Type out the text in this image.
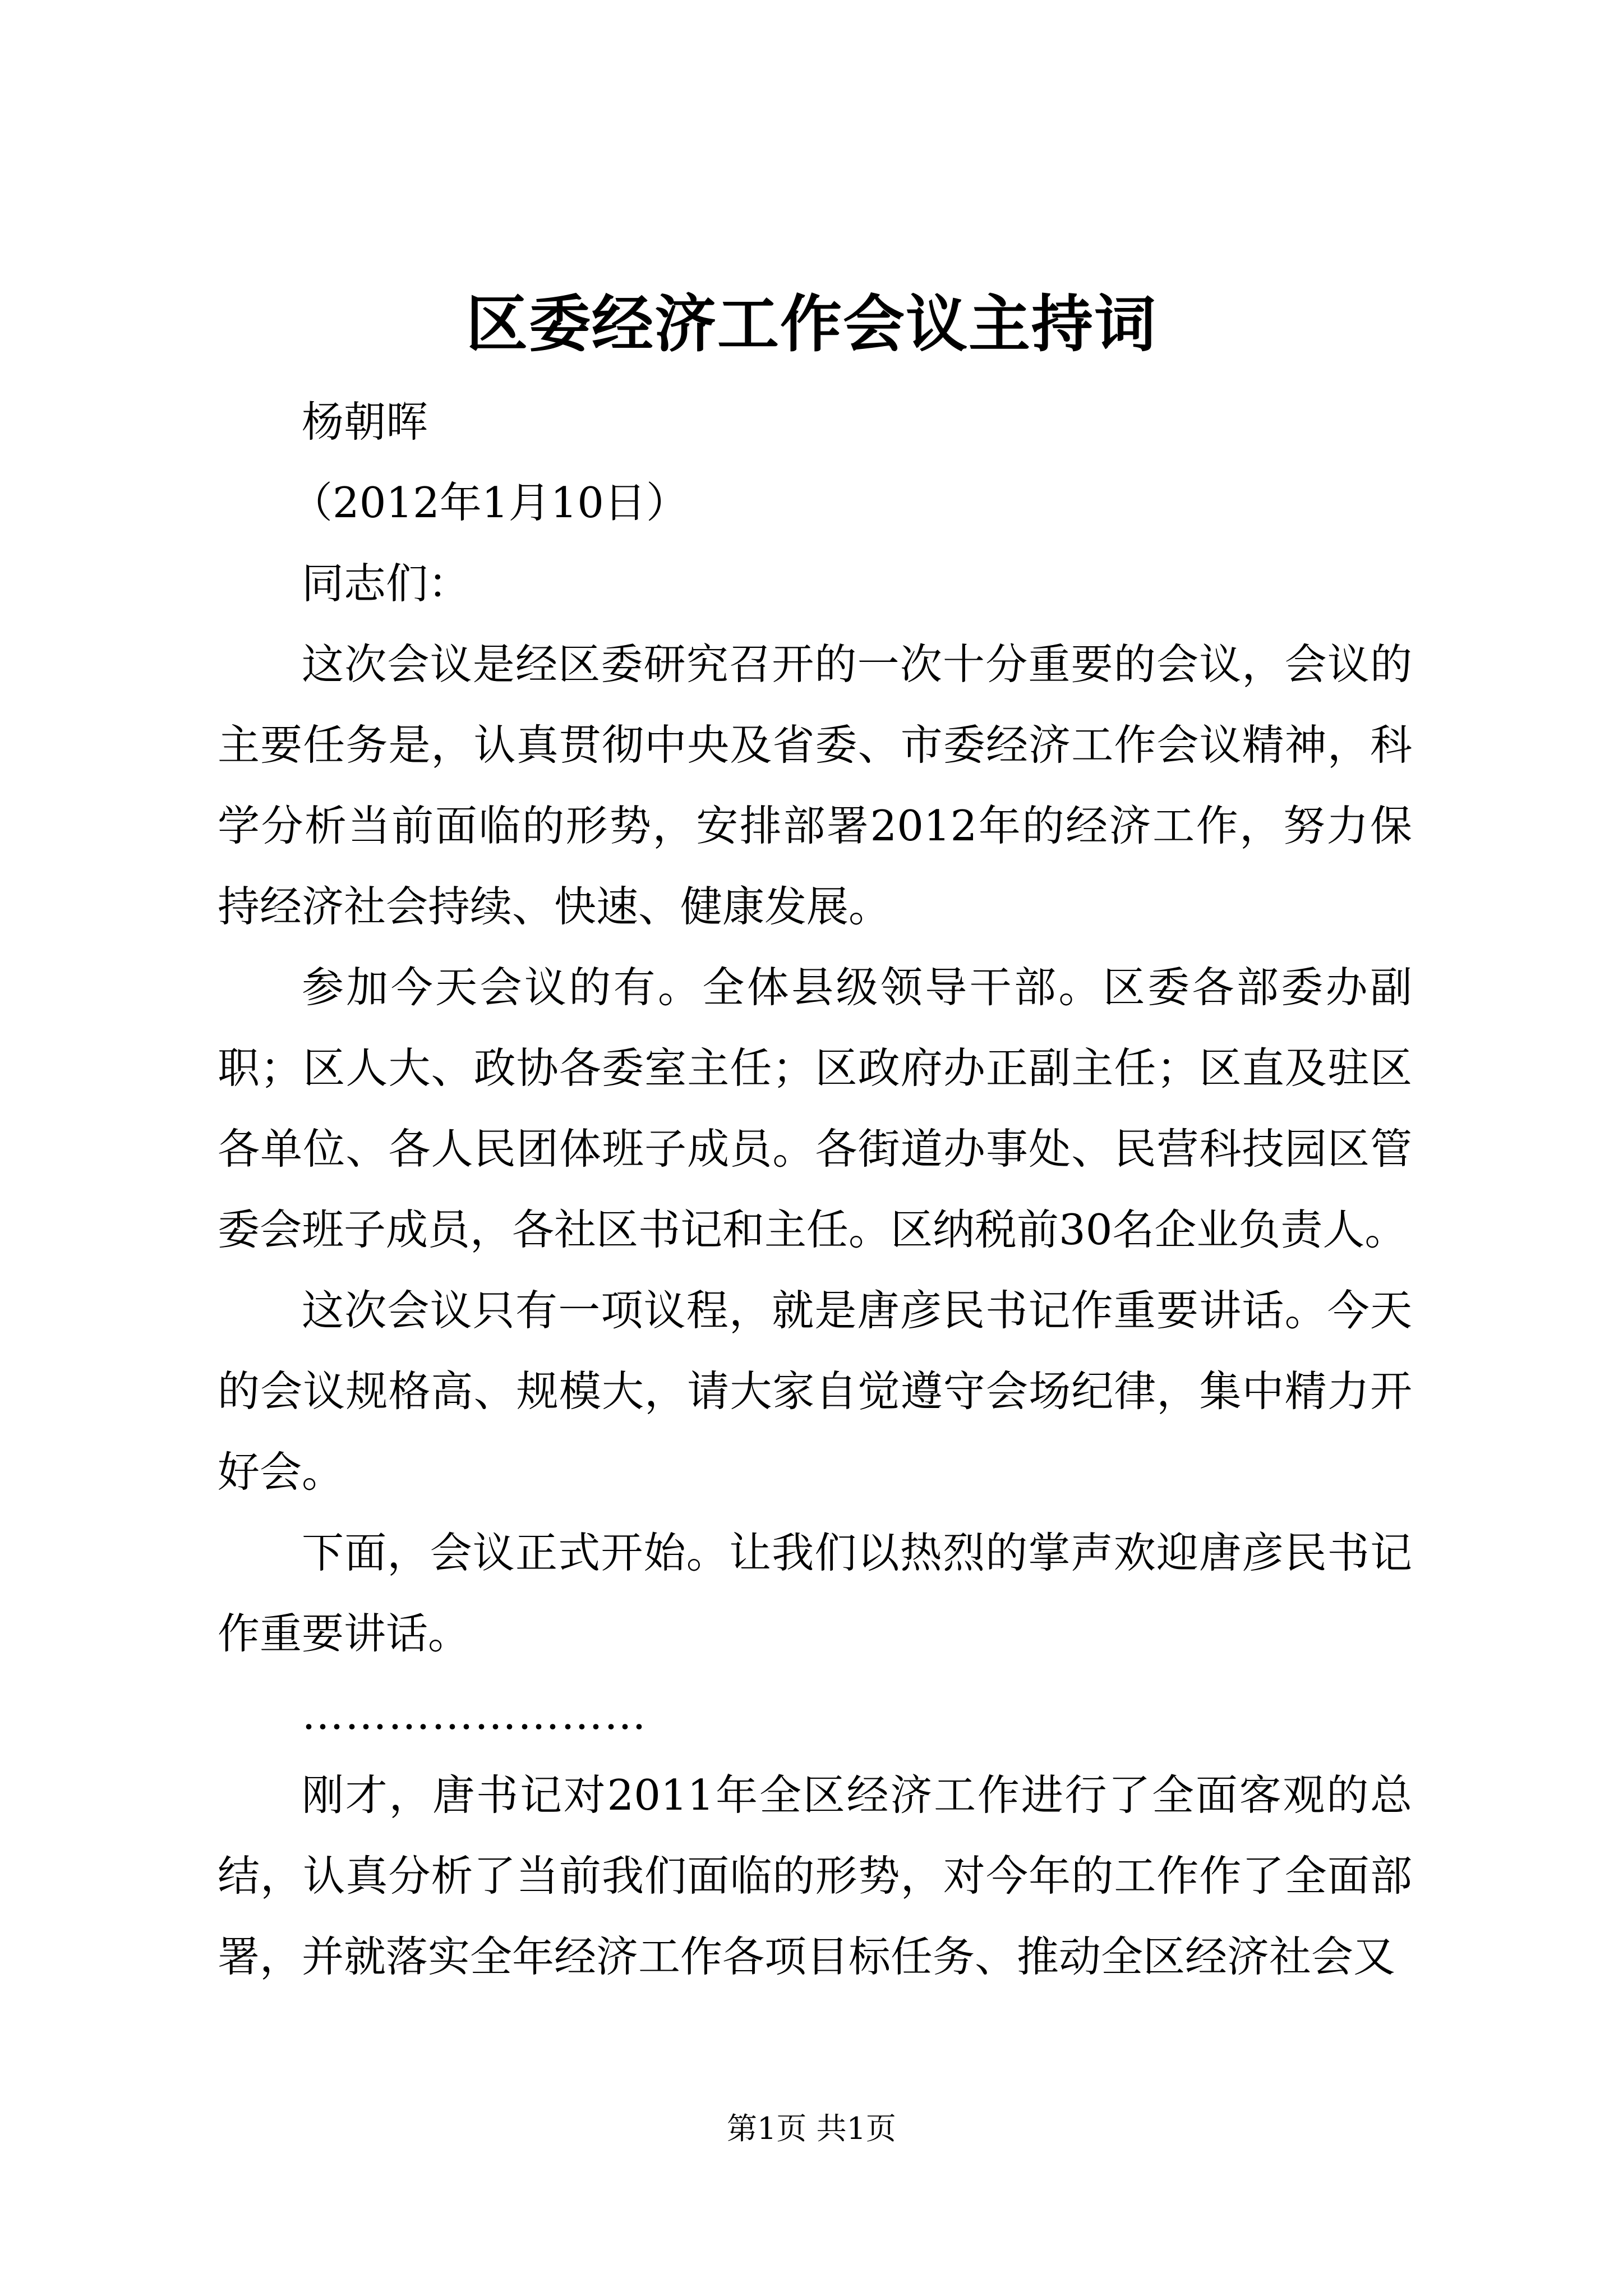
区委经济工作会议主持词

杨朝晖

（2012年1月10日）

同志们：

这次会议是经区委研究召开的一次十分重要的会议，会议的主要任务是，认真贯彻中央及省委、市委经济工作会议精神，科学分析当前面临的形势，安排部署2012年的经济工作，努力保持经济社会持续、快速、健康发展。

参加今天会议的有。全体县级领导干部。区委各部委办副职；区人大、政协各委室主任；区政府办正副主任；区直及驻区各单位、各人民团体班子成员。各街道办事处、民营科技园区管委会班子成员，各社区书记和主任。区纳税前30名企业负责人。

这次会议只有一项议程，就是唐彦民书记作重要讲话。今天的会议规格高、规模大，请大家自觉遵守会场纪律，集中精力开好会。

下面，会议正式开始。让我们以热烈的掌声欢迎唐彦民书记作重要讲话。

……………………

刚才，唐书记对2011年全区经济工作进行了全面客观的总结，认真分析了当前我们面临的形势，对今年的工作作了全面部署，并就落实全年经济工作各项目标任务、推动全区经济社会又

第1页 共1页
